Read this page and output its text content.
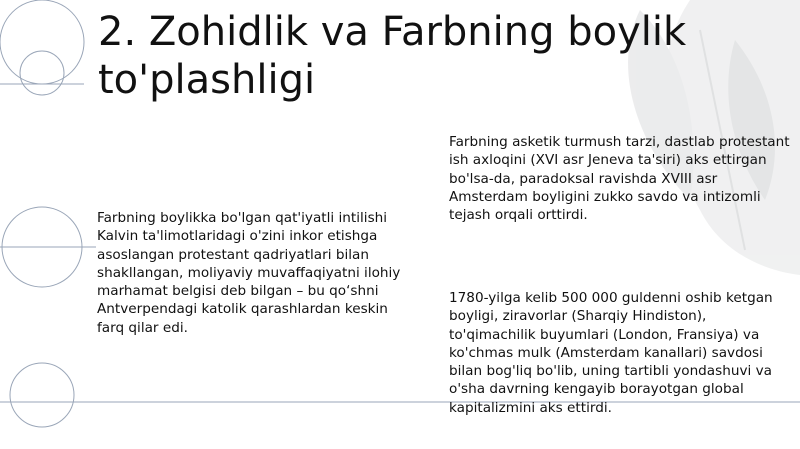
2. Zohidlik va Farbning boylik
to'plashligi

Farbning boylikka bo'lgan qat'iyatli intilishi Kalvin ta'limotlaridagi o'zini inkor etishga asoslangan protestant qadriyatlari bilan shakllangan, moliyaviy muvaffaqiyatni ilohiy marhamat belgisi deb bilgan – bu qo‘shni Antverpendagi katolik qarashlardan keskin farq qilar edi.

Farbning asketik turmush tarzi, dastlab protestant ish axloqini (XVI asr Jeneva ta'siri) aks ettirgan bo'lsa-da, paradoksal ravishda XVIII asr Amsterdam boyligini zukko savdo va intizomli tejash orqali orttirdi.

1780-yilga kelib 500 000 guldenni oshib ketgan boyligi, ziravorlar (Sharqiy Hindiston), to'qimachilik buyumlari (London, Fransiya) va ko'chmas mulk (Amsterdam kanallari) savdosi bilan bog'liq bo'lib, uning tartibli yondashuvi va o'sha davrning kengayib borayotgan global kapitalizmini aks ettirdi.
